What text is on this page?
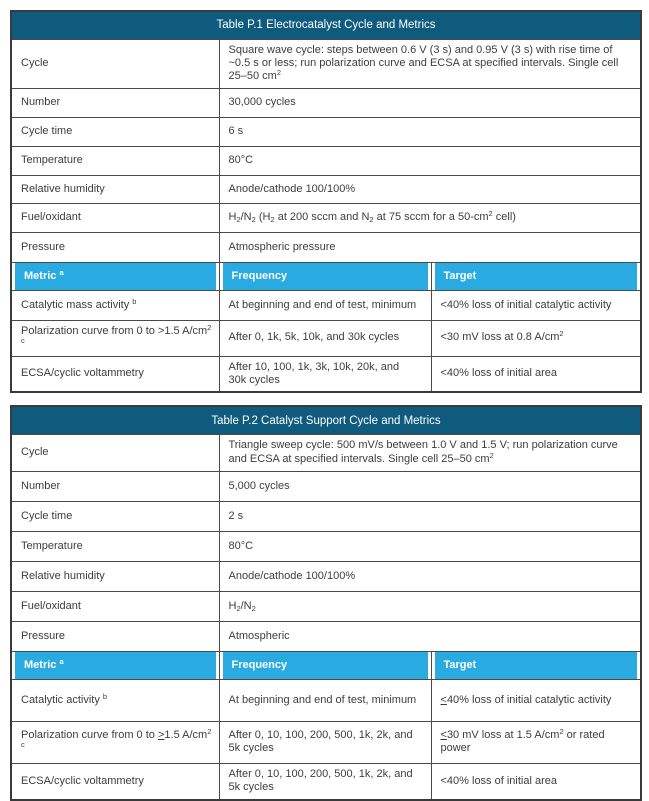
Table P.1 Electrocatalyst Cycle and Metrics		
Cycle	Square wave cycle: steps between 0.6 V (3 s) and 0.95 V (3 s) with rise time of ~0.5 s or less; run polarization curve and ECSA at specified intervals. Single cell 25–50 $cm^2$
Number	30,000 cycles	
Cycle time	6 s	
Temperature	80°C	
Relative humidity	Anode/cathode 100/100%	
Fuel/oxidant	$H_2/N_2$ ($H_2$ at 200 sccm and $N_2$ at 75 sccm for a $50-cm^2$ cell)	
Pressure	Atmospheric pressure	
Metric $^a$	Frequency	Target
Catalytic mass activity $^b$	At beginning and end of test, minimum	<40% loss of initial catalytic activity
Polarization curve from 0 to >1.5 $A/cm^{2 c}$	After 0, 1k, 5k, 10k, and 30k cycles	<30 mV loss at 0.8 $A/cm^2$
ECSA/cyclic voltammetry	After 10, 100, 1k, 3k, 10k, 20k, and 30k cycles	<40% loss of initial area
Table P.2 Catalyst Support Cycle and Metrics		
Cycle	Triangle sweep cycle: 500 mV/s between 1.0 V and 1.5 V; run polarization curve and ECSA at specified intervals. Single cell 25–50 $cm^2$
Number	5,000 cycles	
Cycle time	2 s	
Temperature	80°C	
Relative humidity	Anode/cathode 100/100%	
Fuel/oxidant	$H_2/N_2$
Pressure	Atmospheric	
Metric $^a$	Frequency	Target
Catalytic activity $^b$	At beginning and end of test, minimum	<40% loss of initial catalytic activity
Polarization curve from 0 to >1.5 $A/cm^{2 c}$	After 0, 10, 100, 200, 500, 1k, 2k, and 5k cycles	<30 mV loss at 1.5 $A/cm^2$ or rated power
ECSA/cyclic voltammetry	After 0, 10, 100, 200, 500, 1k, 2k, and 5k cycles	<40% loss of initial area
